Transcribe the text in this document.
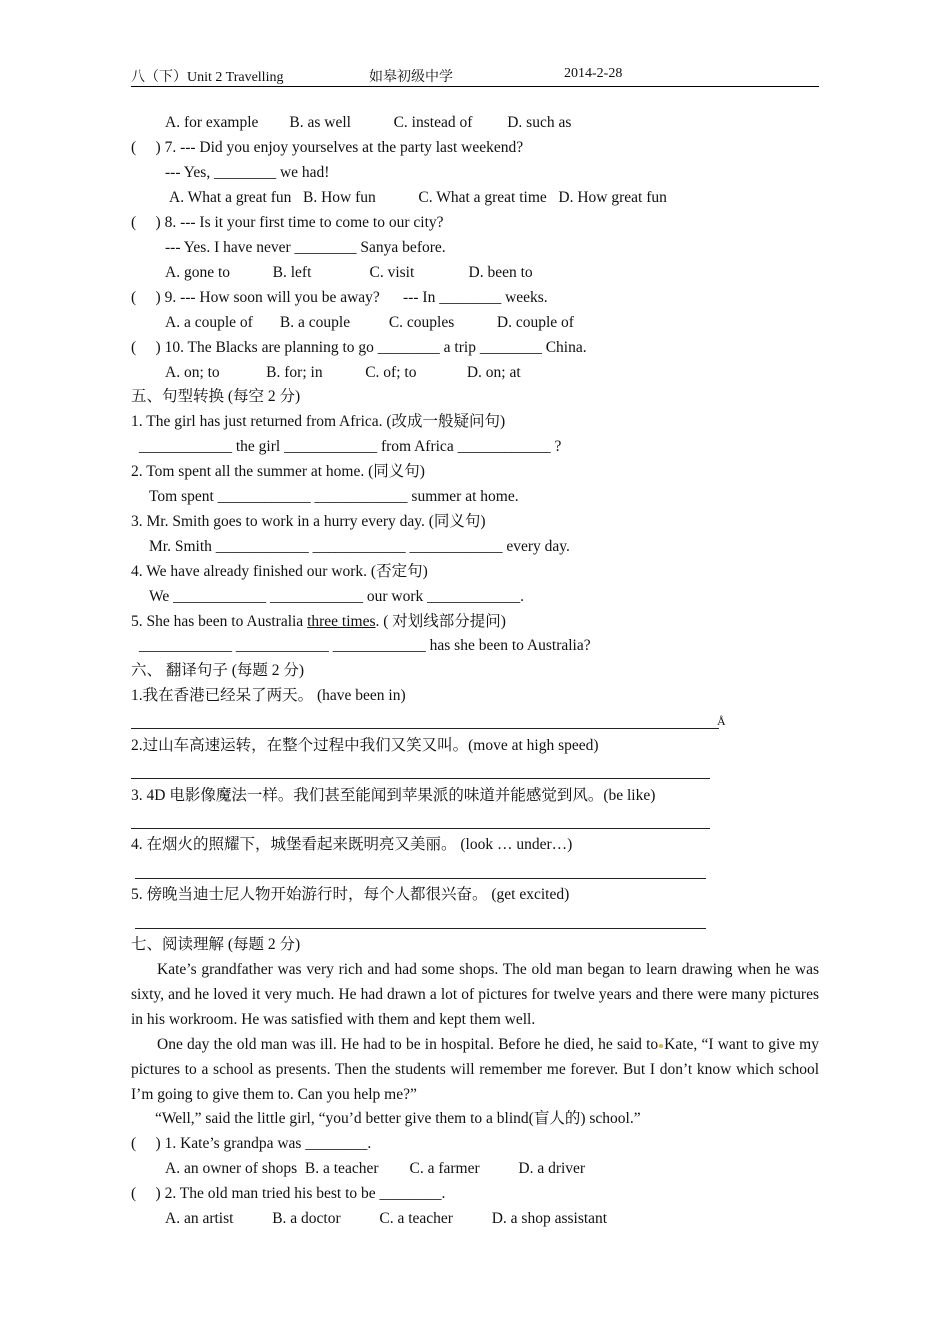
八（下）Unit 2 Travelling	如皋初级中学	2014-2-28
A. for example        B. as well           C. instead of         D. such as
(     ) 7. --- Did you enjoy yourselves at the party last weekend?
--- Yes, ________ we had!
A. What a great fun   B. How fun           C. What a great time   D. How great fun
(     ) 8. --- Is it your first time to come to our city?
--- Yes. I have never ________ Sanya before.
A. gone to           B. left               C. visit              D. been to
(     ) 9. --- How soon will you be away?      --- In ________ weeks.
A. a couple of       B. a couple          C. couples           D. couple of
(     ) 10. The Blacks are planning to go ________ a trip ________ China.
A. on; to            B. for; in           C. of; to             D. on; at
五、句型转换 (每空 2 分)
1. The girl has just returned from Africa. (改成一般疑问句)
____________ the girl ____________ from Africa ____________ ?
2. Tom spent all the summer at home. (同义句)
Tom spent ____________ ____________ summer at home.
3. Mr. Smith goes to work in a hurry every day. (同义句)
Mr. Smith ____________ ____________ ____________ every day.
4. We have already finished our work. (否定句)
We ____________ ____________ our work ____________.
____________ ____________ ____________ has she been to Australia?
六、 翻译句子 (每题 2 分)
1.我在香港已经呆了两天。 (have been in)
2.过山车高速运转，在整个过程中我们又笑又叫。(move at high speed)
3. 4D 电影像魔法一样。我们甚至能闻到苹果派的味道并能感觉到风。(be like)
4. 在烟火的照耀下，城堡看起来既明亮又美丽。 (look … under…)
5. 傍晚当迪士尼人物开始游行时，每个人都很兴奋。 (get excited)
七、阅读理解 (每题 2 分)
“Well,” said the little girl, “you’d better give them to a blind(盲人的) school.”
(     ) 1. Kate’s grandpa was ________.
A. an owner of shops  B. a teacher        C. a farmer          D. a driver
(     ) 2. The old man tried his best to be ________.
A. an artist          B. a doctor          C. a teacher          D. a shop assistant
5. She has been to Australia three times. ( 对划线部分提问)
Å

Kate’s grandfather was very rich and had some shops. The old man began to learn drawing when he was sixty, and he loved it very much. He had drawn a lot of pictures for twelve years and there were many pictures in his workroom. He was satisfied with them and kept them well.

One day the old man was ill. He had to be in hospital. Before he died, he said to Kate, “I want to give my pictures to a school as presents. Then the students will remember me forever. But I don’t know which school I’m going to give them to. Can you help me?”
